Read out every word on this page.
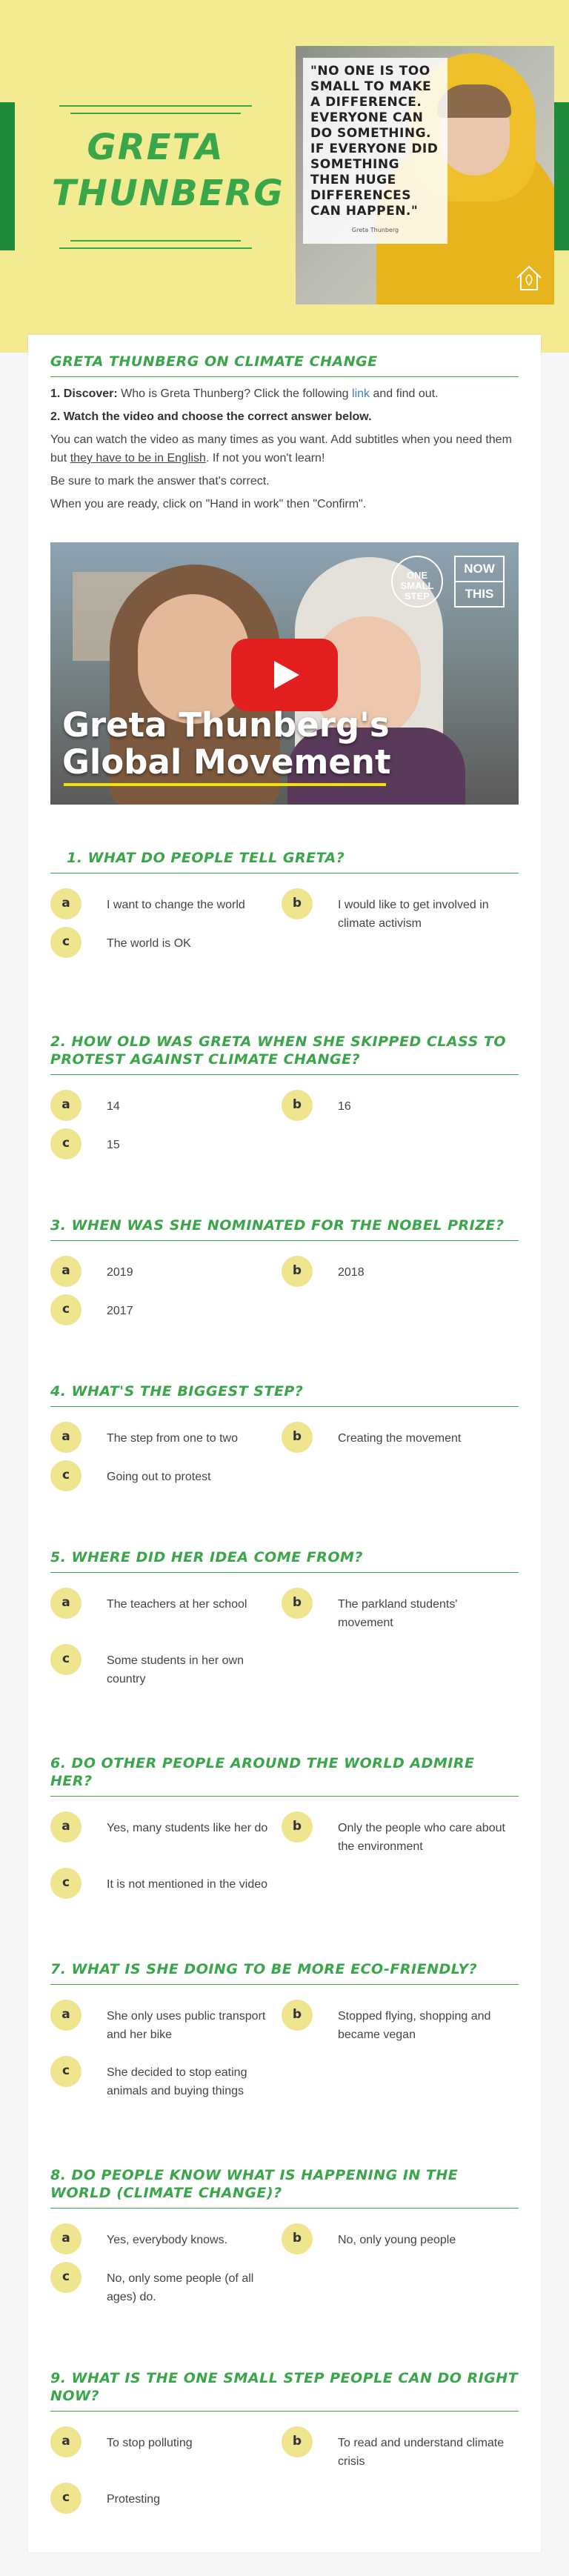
GRETA
THUNBERG
"NO ONE IS TOO SMALL TO MAKE A DIFFERENCE. EVERYONE CAN DO SOMETHING. IF EVERYONE DID SOMETHING THEN HUGE DIFFERENCES CAN HAPPEN."
Greta Thunberg
GRETA THUNBERG ON CLIMATE CHANGE

1. Discover: Who is Greta Thunberg? Click the following link and find out.

2. Watch the video and choose the correct answer below.

You can watch the video as many times as you want. Add subtitles when you need them but they have to be in English. If not you won't learn!

Be sure to mark the answer that's correct.

When you are ready, click on "Hand in work" then "Confirm".

ONE SMALL STEP
NOW
THIS
Greta Thunberg's
Global Movement
1. WHAT DO PEOPLE TELL GRETA?
a	I want to change the world	b	I would like to get involved in climate activism
c	The world is OK
2. HOW OLD WAS GRETA WHEN SHE SKIPPED CLASS TO PROTEST AGAINST CLIMATE CHANGE?
a	14	b	16
c	15
3. WHEN WAS SHE NOMINATED FOR THE NOBEL PRIZE?
a	2019	b	2018
c	2017
4. WHAT'S THE BIGGEST STEP?
a	The step from one to two	b	Creating the movement
c	Going out to protest
5. WHERE DID HER IDEA COME FROM?
a	The teachers at her school	b	The parkland students' movement
c	Some students in her own country
6. DO OTHER PEOPLE AROUND THE WORLD ADMIRE HER?
a	Yes, many students like her do	b	Only the people who care about the environment
c	It is not mentioned in the video
7. WHAT IS SHE DOING TO BE MORE ECO-FRIENDLY?
a	She only uses public transport and her bike
b	Stopped flying, shopping and became vegan
c	She decided to stop eating animals and buying things
8. DO PEOPLE KNOW WHAT IS HAPPENING IN THE WORLD (CLIMATE CHANGE)?
a	Yes, everybody knows.	b	No, only young people
c	No, only some people (of all ages) do.
9. WHAT IS THE ONE SMALL STEP PEOPLE CAN DO RIGHT NOW?
a	To stop polluting	b	To read and understand climate crisis
c	Protesting
